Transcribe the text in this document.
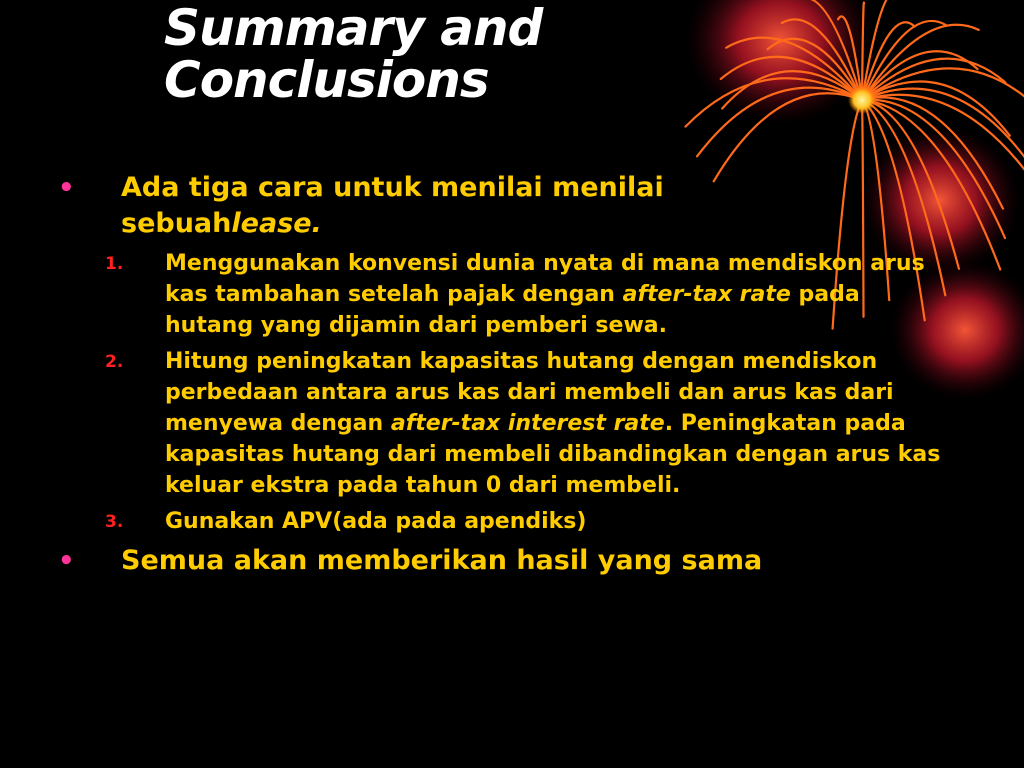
Summary and
Conclusions
• Ada tiga cara untuk menilai menilai sebuahlease.
1. Menggunakan konvensi dunia nyata di mana mendiskon arus kas tambahan setelah pajak dengan after-tax rate pada hutang yang dijamin dari pemberi sewa.
2. Hitung peningkatan kapasitas hutang dengan mendiskon perbedaan antara arus kas dari membeli dan arus kas dari menyewa dengan after-tax interest rate. Peningkatan pada kapasitas hutang dari membeli dibandingkan dengan arus kas keluar ekstra pada tahun 0 dari membeli.
3. Gunakan APV(ada pada apendiks)
• Semua akan memberikan hasil yang sama
